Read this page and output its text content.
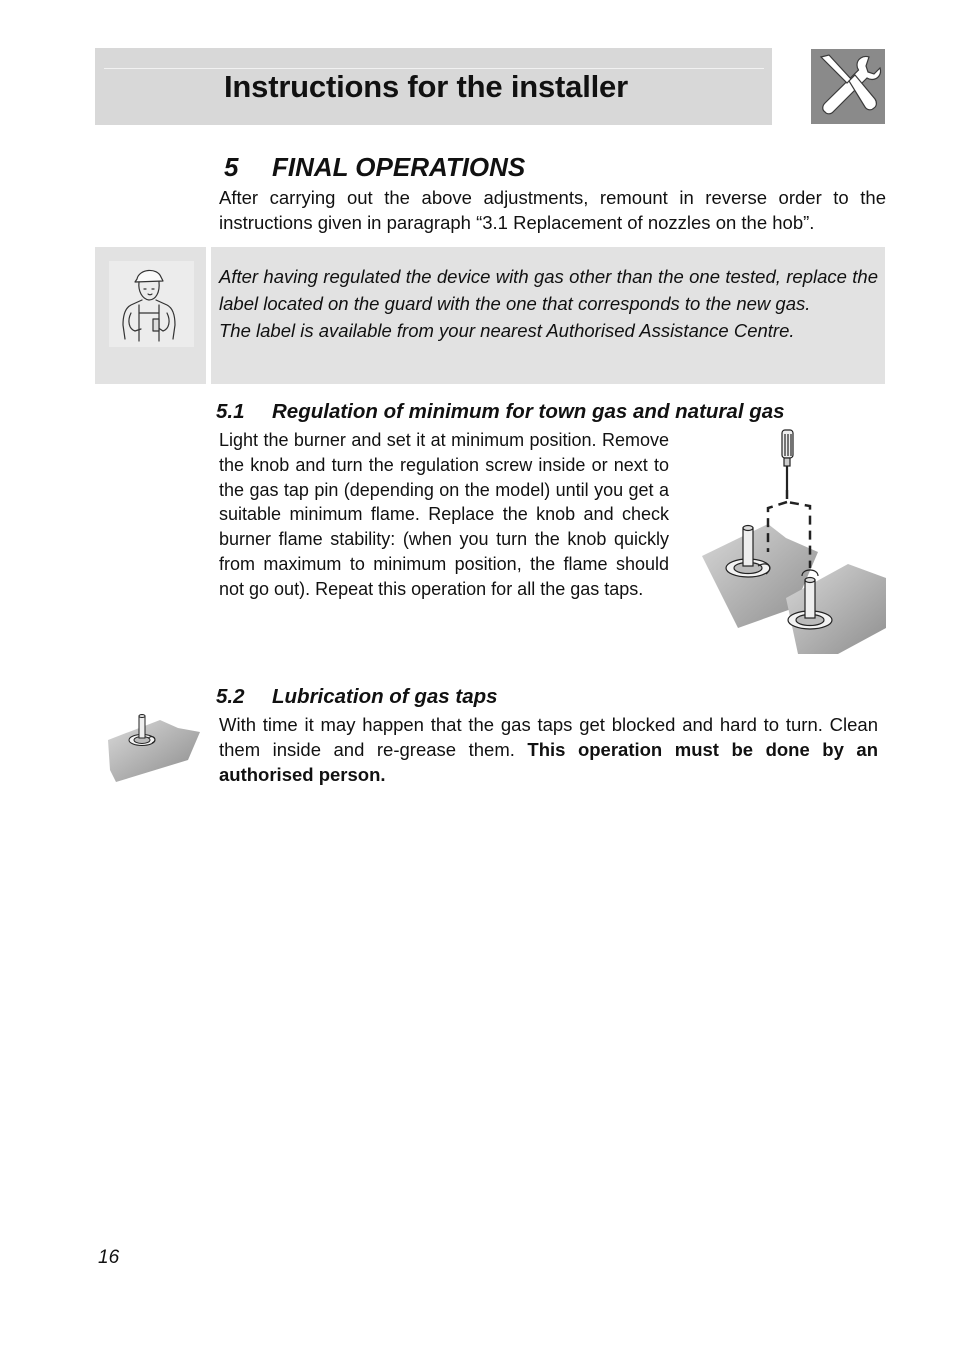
Instructions for the installer
5 FINAL OPERATIONS
After carrying out the above adjustments, remount in reverse order to the instructions given in paragraph “3.1 Replacement of nozzles on the hob”.
After having regulated the device with gas other than the one tested, replace the label located on the guard with the one that corresponds to the new gas.
The label is available from your nearest Authorised Assistance Centre.
5.1 Regulation of minimum for town gas and natural gas
Light the burner and set it at minimum position. Remove the knob and turn the regulation screw inside or next to the gas tap pin (depending on the model) until you get a suitable minimum flame. Replace the knob and check burner flame stability: (when you turn the knob quickly from maximum to minimum position, the flame should not go out). Repeat this operation for all the gas taps.
5.2 Lubrication of gas taps
With time it may happen that the gas taps get blocked and hard to turn. Clean them inside and re-grease them. This operation must be done by an authorised person.
16
